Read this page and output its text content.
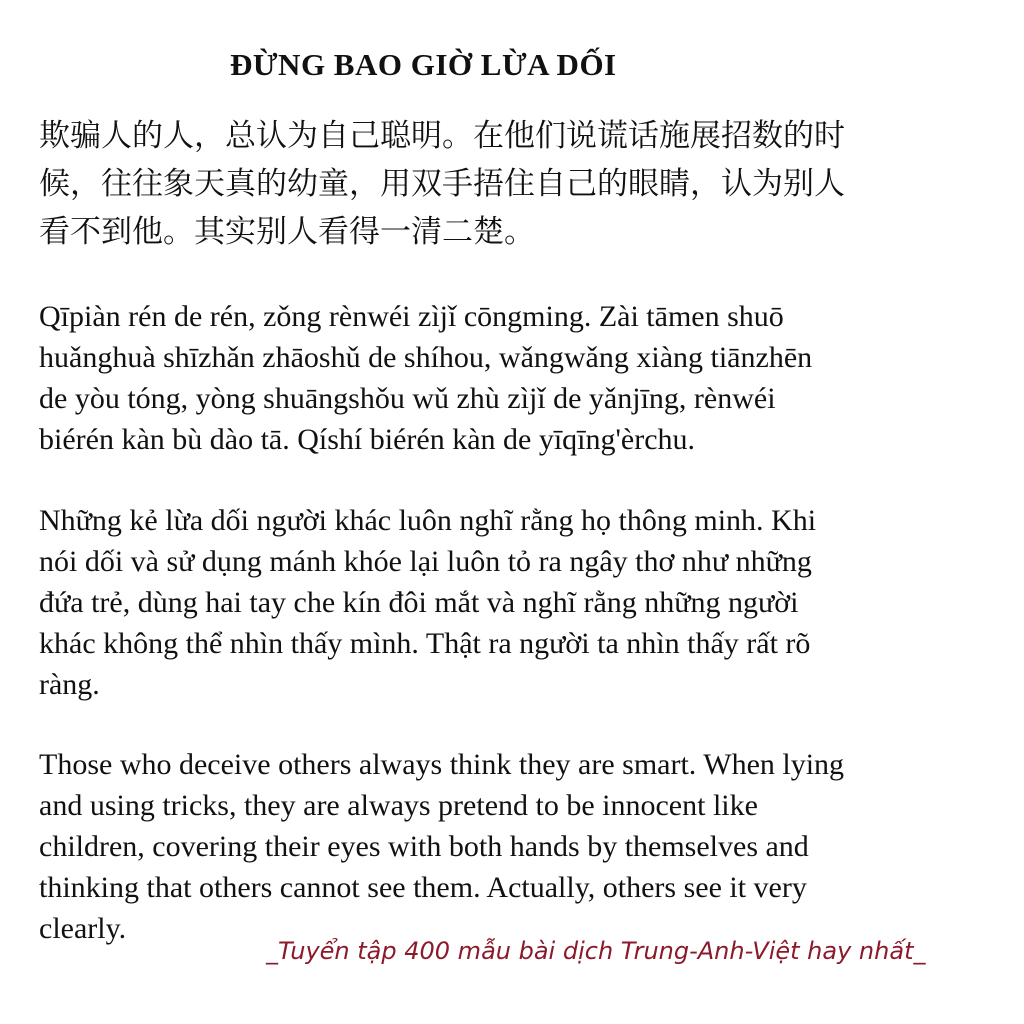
ĐỪNG BAO GIỜ LỪA DỐI

欺骗人的人，总认为自己聪明。在他们说谎话施展招数的时
候，往往象天真的幼童，用双手捂住自己的眼睛，认为别人
看不到他。其实别人看得一清二楚。

Qīpiàn rén de rén, zǒng rènwéi zìjǐ cōngming. Zài tāmen shuō
huǎnghuà shīzhǎn zhāoshǔ de shíhou, wǎngwǎng xiàng tiānzhēn
de yòu tóng, yòng shuāngshǒu wǔ zhù zìjǐ de yǎnjīng, rènwéi
biérén kàn bù dào tā. Qíshí biérén kàn de yīqīng'èrchu.

Những kẻ lừa dối người khác luôn nghĩ rằng họ thông minh. Khi
nói dối và sử dụng mánh khóe lại luôn tỏ ra ngây thơ như những
đứa trẻ, dùng hai tay che kín đôi mắt và nghĩ rằng những người
khác không thể nhìn thấy mình. Thật ra người ta nhìn thấy rất rõ
ràng.

Those who deceive others always think they are smart. When lying
and using tricks, they are always pretend to be innocent like
children, covering their eyes with both hands by themselves and
thinking that others cannot see them. Actually, others see it very
clearly.

_Tuyển tập 400 mẫu bài dịch Trung-Anh-Việt hay nhất_
